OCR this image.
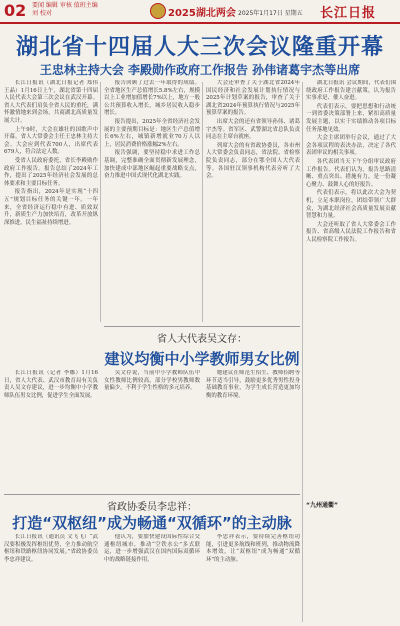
02 要闻 编辑 审核 值班主编 刘 校对	2025湖北两会 2025年1月17日 星期五 长江日报
湖北省十四届人大三次会议隆重开幕
王忠林主持大会 李殿勋作政府工作报告 孙伟诸葛宇杰等出席

长江日报讯（湖北日报记者 郑伟 王晶）1月16日上午，湖北省第十四届人民代表大会第三次会议在武汉开幕。省人大代表们肩负全省人民的重托，满怀激情地来到会场，共商湖北高质量发展大计。

上午9时，大会在雄壮的国歌声中开幕。省人大常委会主任王忠林主持大会。大会应到代表700人，出席代表679人，符合法定人数。

受省人民政府委托，省长李殿勋作政府工作报告。报告总结了2024年工作，提出了2025年经济社会发展的总体要求和主要目标任务。

报告指出，2024年是实现“十四五”规划目标任务的关键一年。一年来，全省经济运行稳中有进、质效双升，新质生产力加快培育，改革开放纵深推进，民生福祉持续增进。

报告回顾了过去一年取得的成绩。全省地区生产总值增长5.8%左右，规模以上工业增加值增长7%以上，地方一般公共预算收入增长，城乡居民收入稳步增长。

报告提出，2025年全省经济社会发展的主要预期目标是：地区生产总值增长6%左右，城镇新增就业70万人以上，居民消费价格涨幅2%左右。

报告强调，要坚持稳中求进工作总基调，完整准确全面贯彻新发展理念，加快建成中部地区崛起重要战略支点，奋力推进中国式现代化湖北实践。

大会还审查了关于湖北省2024年国民经济和社会发展计划执行情况与2025年计划草案的报告，审查了关于湖北省2024年预算执行情况与2025年预算草案的报告。

出席大会的还有省领导孙伟、诸葛宇杰等。省军区、武警湖北省总队负责同志在主席台就座。

列席大会的有省政协委员，各市州人大常委会负责同志，省法院、省检察院负责同志，部分在鄂全国人大代表等。各国驻汉领事机构代表旁听了大会。

湖北日报讯 会议期间，代表们围绕政府工作报告建言献策，认为报告实事求是、催人奋进。

代表们表示，要把思想和行动统一到省委决策部署上来，紧扣高质量发展主题，以实干实绩推动各项目标任务落地见效。

大会主席团举行会议，通过了大会各项议程的表决办法，决定了各代表团审议的相关事项。

各代表团当天下午分组审议政府工作报告。代表们认为，报告思路清晰、重点突出、措施有力，是一份凝心聚力、鼓舞人心的好报告。

代表们表示，将以此次大会为契机，立足本职岗位，团结带领广大群众，为湖北经济社会高质量发展贡献智慧和力量。

大会还听取了省人大常委会工作报告、省高级人民法院工作报告和省人民检察院工作报告。

省人大代表吴文存：
建议均衡中小学教师男女比例

长江日报讯（记者 李娜）1月16日，省人大代表、武汉市教育局有关负责人吴文存建议，进一步均衡中小学教师队伍男女比例，促进学生全面发展。

吴文存说，当前中小学教师队伍中女性教师比例较高，部分学校男教师数量偏少，不利于学生性格的多元培养。

她建议在师范生招生、教师招聘等环节适当引导，鼓励更多优秀男性投身基础教育事业，为学生成长营造更加均衡的教育环境。

省政协委员李忠祥：
打造“双枢纽”成为畅通“双循环”的主动脉

长江日报讯（通讯员 文飞飞）“武汉要积极发挥枢纽优势，全力推动航空枢纽和铁路枢纽协同发展。”省政协委员李忠祥建议。

他认为，要加快建设国际性综合交通枢纽城市，推动“空铁水公”多式联运，进一步增强武汉在国内国际双循环中的战略链接作用。

李忠祥表示，要持续完善枢纽功能，引进更多航线和班列，推动物流降本增效，让“双枢纽”成为畅通“双循环”的主动脉。

“九州通衢”
